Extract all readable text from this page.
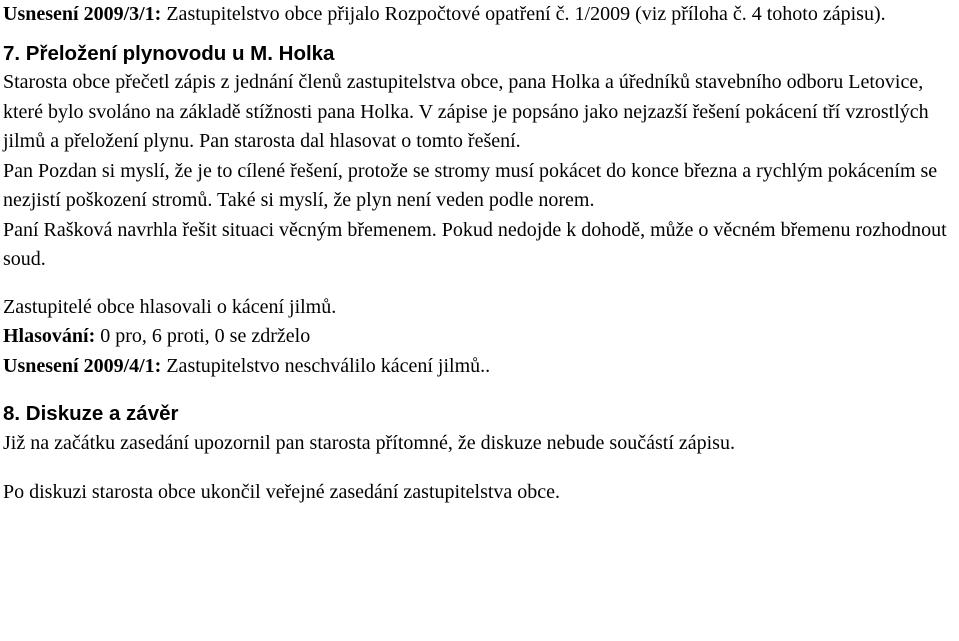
Usnesení 2009/3/1: Zastupitelstvo obce přijalo Rozpočtové opatření č. 1/2009 (viz příloha č. 4 tohoto zápisu).

7. Přeložení plynovodu u M. Holka

Starosta obce přečetl zápis z jednání členů zastupitelstva obce, pana Holka a úředníků stavebního odboru Letovice, které bylo svoláno na základě stížnosti pana Holka. V zápise je popsáno jako nejzazší řešení pokácení tří vzrostlých jilmů a přeložení plynu. Pan starosta dal hlasovat o tomto řešení.

Pan Pozdan si myslí, že je to cílené řešení, protože se stromy musí pokácet do konce března a rychlým pokácením se nezjistí poškození stromů. Také si myslí, že plyn není veden podle norem.

Paní Rašková navrhla řešit situaci věcným břemenem. Pokud nedojde k dohodě, může o věcném břemenu rozhodnout soud.

Zastupitelé obce hlasovali o kácení jilmů.

Hlasování: 0 pro, 6 proti, 0 se zdrželo

Usnesení 2009/4/1: Zastupitelstvo neschválilo kácení jilmů..

8. Diskuze a závěr

Již na začátku zasedání upozornil pan starosta přítomné, že diskuze nebude součástí zápisu.

Po diskuzi starosta obce ukončil veřejné zasedání zastupitelstva obce.
